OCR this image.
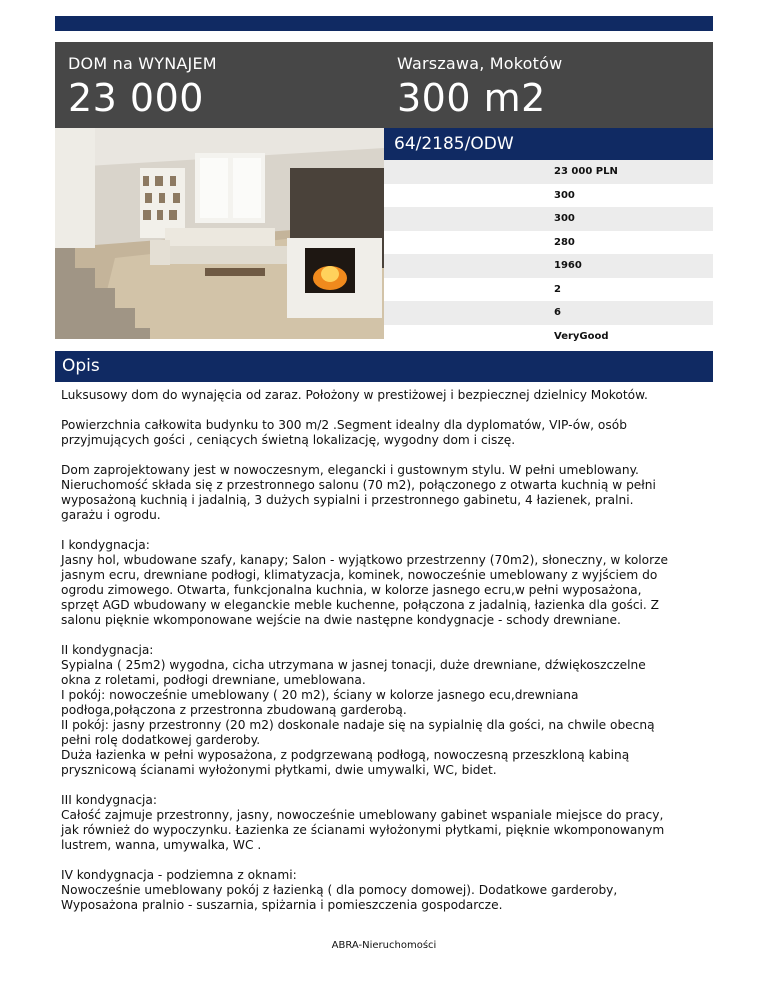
DOM na WYNAJEM
23 000
Warszawa, Mokotów
300 m2
64/2185/ODW
23 000 PLN
300
300
280
1960
2
6
VeryGood
Opis

Luksusowy dom do wynajęcia od zaraz. Położony w prestiżowej i bezpiecznej dzielnicy Mokotów.

Powierzchnia całkowita budynku to 300 m/2 .Segment idealny dla dyplomatów, VIP-ów, osób
przyjmujących gości , ceniących świetną lokalizację, wygodny dom i ciszę.

Dom zaprojektowany jest w nowoczesnym, elegancki i gustownym stylu. W pełni umeblowany.
Nieruchomość składa się z przestronnego salonu (70 m2), połączonego z otwarta kuchnią w pełni
wyposażoną kuchnią i jadalnią, 3 dużych sypialni i przestronnego gabinetu, 4 łazienek, pralni.
garażu i ogrodu.

I kondygnacja:
Jasny hol, wbudowane szafy, kanapy; Salon - wyjątkowo przestrzenny (70m2), słoneczny, w kolorze
jasnym ecru, drewniane podłogi, klimatyzacja, kominek, nowocześnie umeblowany z wyjściem do
ogrodu zimowego. Otwarta, funkcjonalna kuchnia, w kolorze jasnego ecru,w pełni wyposażona,
sprzęt AGD wbudowany w eleganckie meble kuchenne, połączona z jadalnią, łazienka dla gości. Z
salonu pięknie wkomponowane wejście na dwie następne kondygnacje - schody drewniane.

II kondygnacja:
Sypialna ( 25m2) wygodna, cicha utrzymana w jasnej tonacji, duże drewniane, dźwiękoszczelne
okna z roletami, podłogi drewniane, umeblowana.
I pokój: nowocześnie umeblowany ( 20 m2), ściany w kolorze jasnego ecu,drewniana
podłoga,połączona z przestronna zbudowaną garderobą.
II pokój: jasny przestronny (20 m2) doskonale nadaje się na sypialnię dla gości, na chwile obecną
pełni rolę dodatkowej garderoby.
Duża łazienka w pełni wyposażona, z podgrzewaną podłogą, nowoczesną przeszkloną kabiną
prysznicową ścianami wyłożonymi płytkami, dwie umywalki, WC, bidet.

III kondygnacja:
Całość zajmuje przestronny, jasny, nowocześnie umeblowany gabinet wspaniale miejsce do pracy,
jak również do wypoczynku. Łazienka ze ścianami wyłożonymi płytkami, pięknie wkomponowanym
lustrem, wanna, umywalka, WC .

IV kondygnacja - podziemna z oknami:
Nowocześnie umeblowany pokój z łazienką ( dla pomocy domowej). Dodatkowe garderoby,
Wyposażona pralnio - suszarnia, spiżarnia i pomieszczenia gospodarcze.

ABRA-Nieruchomości
